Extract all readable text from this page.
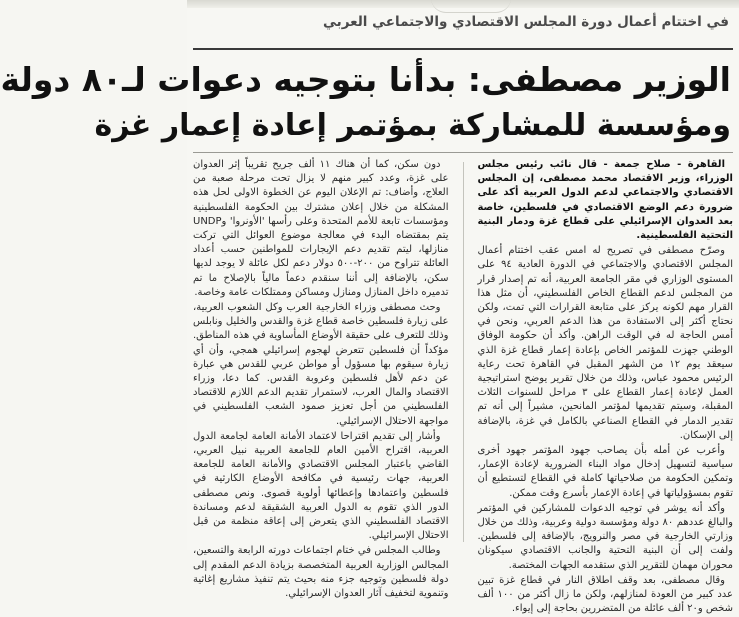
في اختتام أعمال دورة المجلس الاقتصادي والاجتماعي العربي
الوزير مصطفى: بدأنا بتوجيه دعوات لـ٨٠ دولة
ومؤسسة للمشاركة بمؤتمر إعادة إعمار غزة

القاهرة - صلاح جمعة - قال نائب رئيس مجلس الوزراء، وزير الاقتصاد محمد مصطفى، إن المجلس الاقتصادي والاجتماعي لدعم الدول العربية أكد على ضرورة دعم الوضع الاقتصادي في فلسطين، خاصة بعد العدوان الإسرائيلي على قطاع غزة ودمار البنية التحتية الفلسطينية.

وصرّح مصطفى في تصريح له امس عقب اختتام أعمال المجلس الاقتصادي والاجتماعي في الدورة العادية ٩٤ على المستوى الوزاري في مقر الجامعة العربية، أنه تم إصدار قرار من المجلس لدعم القطاع الخاص الفلسطيني، أن مثل هذا القرار مهم لكونه يركز على متابعة القرارات التي تمت، ولكن نحتاج أكثر إلى الاستفادة من هذا الدعم العربي، ونحن في أمس الحاجة له في الوقت الراهن. وأكد أن حكومة الوفاق الوطني جهزت للمؤتمر الخاص بإعادة إعمار قطاع غزة الذي سيعقد يوم ١٢ من الشهر المقبل في القاهرة تحت رعاية الرئيس محمود عباس، وذلك من خلال تقرير يوضح استراتيجية العمل لإعادة إعمار القطاع على ٣ مراحل للسنوات الثلاث المقبلة، وسيتم تقديمها لمؤتمر المانحين، مشيراً إلى أنه تم تقدير الدمار في القطاع الصناعي بالكامل في غزة، بالإضافة إلى الإسكان.

وأعرب عن أمله بأن يصاحب جهود المؤتمر جهود أخرى سياسية لتسهيل إدخال مواد البناء الضرورية لإعادة الإعمار، وتمكين الحكومة من صلاحياتها كاملة في القطاع لتستطيع أن تقوم بمسؤولياتها في إعادة الإعمار بأسرع وقت ممكن.

وأكد أنه يوشر في توجيه الدعوات للمشاركين في المؤتمر والبالغ عددهم ٨٠ دولة ومؤسسة دولية وعربية، وذلك من خلال وزارتي الخارجية في مصر والنرويج، بالإضافة إلى فلسطين. ولفت إلى أن البنية التحتية والجانب الاقتصادي سيكونان محوران مهمان للتقرير الذي ستقدمه الجهات المختصة.

وقال مصطفى، بعد وقف اطلاق النار في قطاع غزة تبين عدد كبير من العودة لمنازلهم، ولكن ما زال أكثر من ١٠٠ ألف شخص و٢٠ ألف عائلة من المتضررين بحاجة إلى إيواء.

دون سكن، كما أن هناك ١١ ألف جريح تقريباً إثر العدوان على غزة، وعدد كبير منهم لا يزال تحت مرحلة صعبة من العلاج، وأضاف: تم الإعلان اليوم عن الخطوة الاولى لحل هذه المشكلة من خلال إعلان مشترك بين الحكومة الفلسطينية ومؤسسات تابعة للأمم المتحدة وعلى رأسها 'الأونروا' وUNDP يتم بمقتضاه البدء في معالجة موضوع العوائل التي تركت منازلها، ليتم تقديم دعم الإيجارات للمواطنين حسب أعداد العائلة تتراوح من ٢٠٠-٥٠٠ دولار دعم لكل عائلة لا يوجد لديها سكن، بالإضافة إلى أننا سنقدم دعماً مالياً بالإصلاح ما تم تدميره داخل المنازل ومنازل ومساكن وممتلكات عامة وخاصة.

وحث مصطفى وزراء الخارجية العرب وكل الشعوب العربية، على زيارة فلسطين خاصة قطاع غزة والقدس والخليل ونابلس وذلك للتعرف على حقيقة الأوضاع المأساوية في هذه المناطق. مؤكداً أن فلسطين تتعرض لهجوم إسرائيلي همجي، وأن أي زيارة سيقوم بها مسؤول أو مواطن عربي للقدس هي عبارة عن دعم لأهل فلسطين وعروبة القدس. كما دعا، وزراء الاقتصاد والمال العرب، لاستمرار تقديم الدعم اللازم للاقتصاد الفلسطيني من أجل تعزيز صمود الشعب الفلسطيني في مواجهة الاحتلال الإسرائيلي.

وأشار إلى تقديم اقتراحا لاعتماد الأمانة العامة لجامعة الدول العربية، اقتراح الأمين العام للجامعة العربية نبيل العربي، القاضي باعتبار المجلس الاقتصادي والأمانة العامة للجامعة العربية، جهات رئيسية في مكافحة الأوضاع الكارثية في فلسطين واعتمادها وإعطائها أولوية قصوى. ونص مصطفى الدور الذي تقوم به الدول العربية الشقيقة لدعم ومساندة الاقتصاد الفلسطيني الذي يتعرض إلى إعاقة منظمة من قبل الاحتلال الإسرائيلي.

وطالب المجلس في ختام اجتماعات دورته الرابعة والتسعين، المجالس الوزارية العربية المتخصصة بزيادة الدعم المقدم إلى دولة فلسطين وتوجيه جزء منه بحيث يتم تنفيذ مشاريع إغاثية وتنموية لتخفيف آثار العدوان الإسرائيلي.
